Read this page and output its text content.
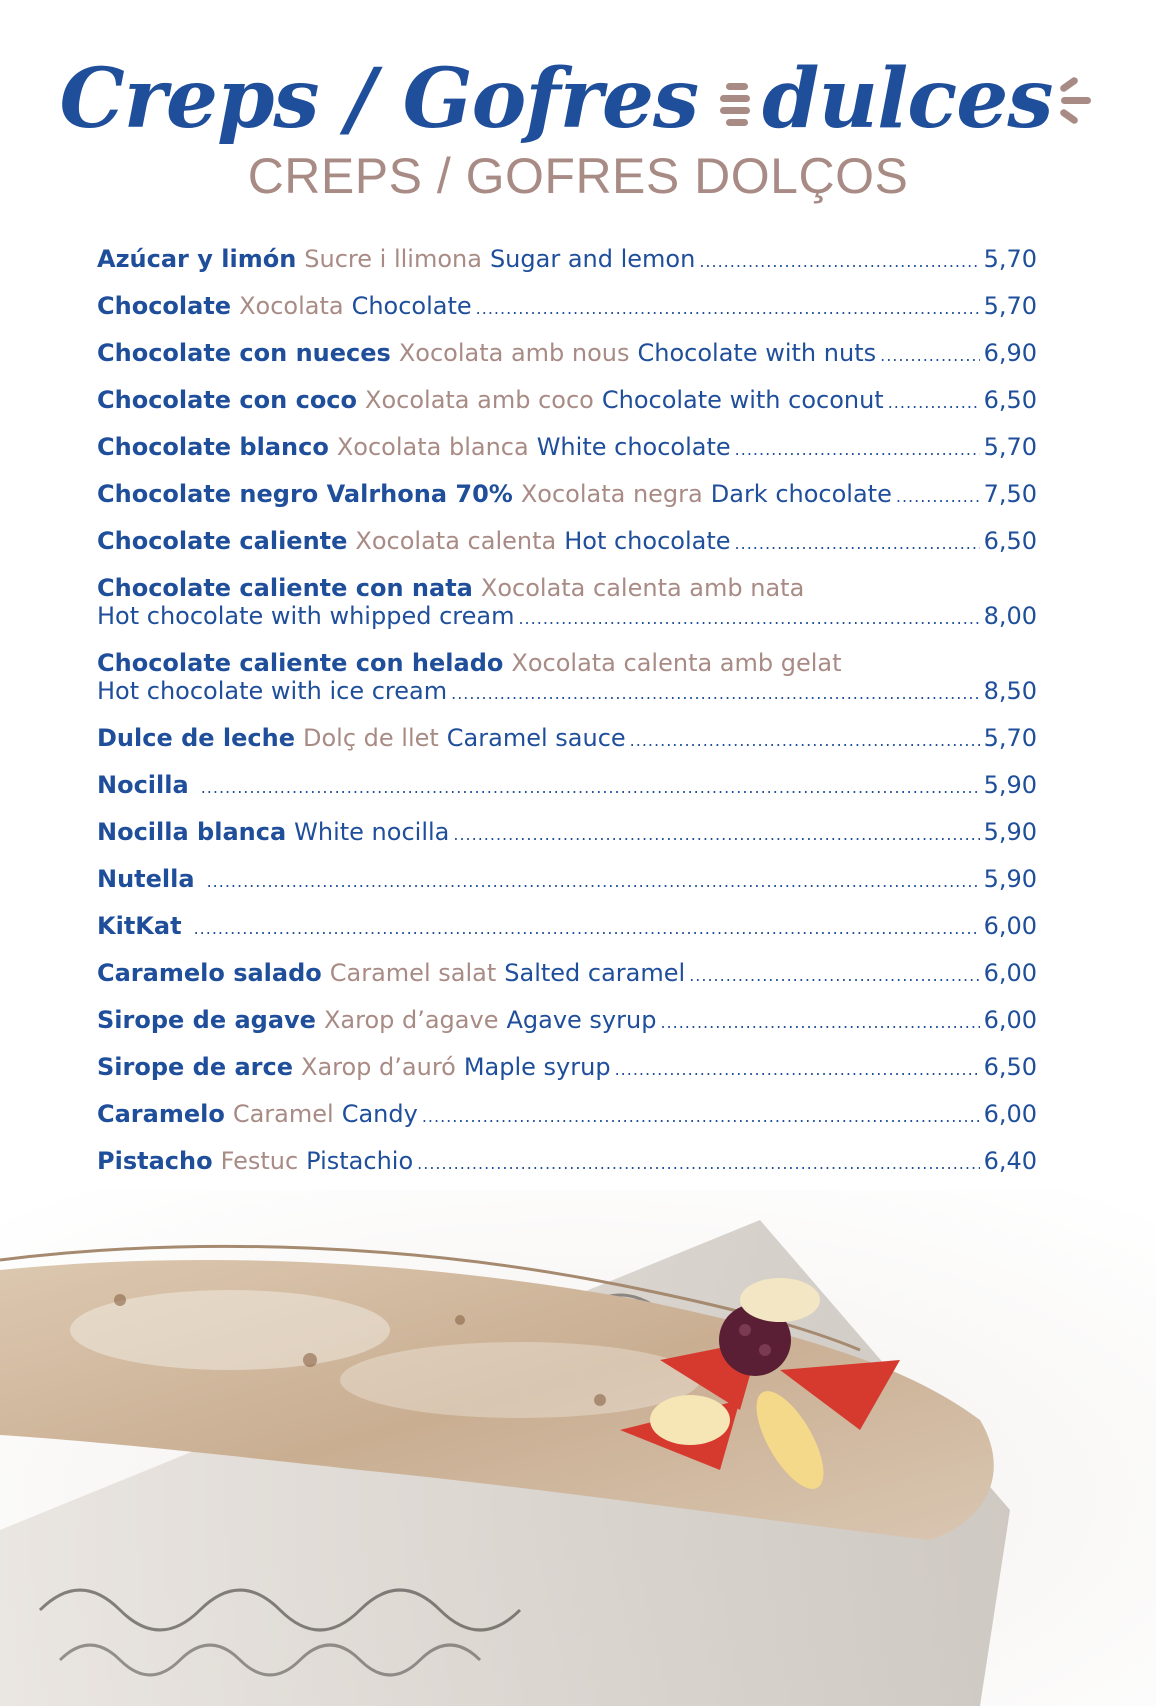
Creps / Gofres dulces
CREPS / GOFRES DOLÇOS
Azúcar y limón Sucre i llimona Sugar and lemon .....	5,70
Chocolate Xocolata Chocolate .....	5,70
Chocolate con nueces Xocolata amb nous Chocolate with nuts .....	6,90
Chocolate con coco Xocolata amb coco Chocolate with coconut .....	6,50
Chocolate blanco Xocolata blanca White chocolate .....	5,70
Chocolate negro Valrhona 70% Xocolata negra Dark chocolate .....	7,50
Chocolate caliente Xocolata calenta Hot chocolate .....	6,50
Chocolate caliente con nata Xocolata calenta amb nata
Hot chocolate with whipped cream .....	8,00
Chocolate caliente con helado Xocolata calenta amb gelat
Hot chocolate with ice cream .....	8,50
Dulce de leche Dolç de llet Caramel sauce .....	5,70
Nocilla .....	5,90
Nocilla blanca White nocilla .....	5,90
Nutella .....	5,90
KitKat .....	6,00
Caramelo salado Caramel salat Salted caramel .....	6,00
Sirope de agave Xarop d’agave Agave syrup .....	6,00
Sirope de arce Xarop d’auró Maple syrup .....	6,50
Caramelo Caramel Candy .....	6,00
Pistacho Festuc Pistachio .....	6,40
.....
